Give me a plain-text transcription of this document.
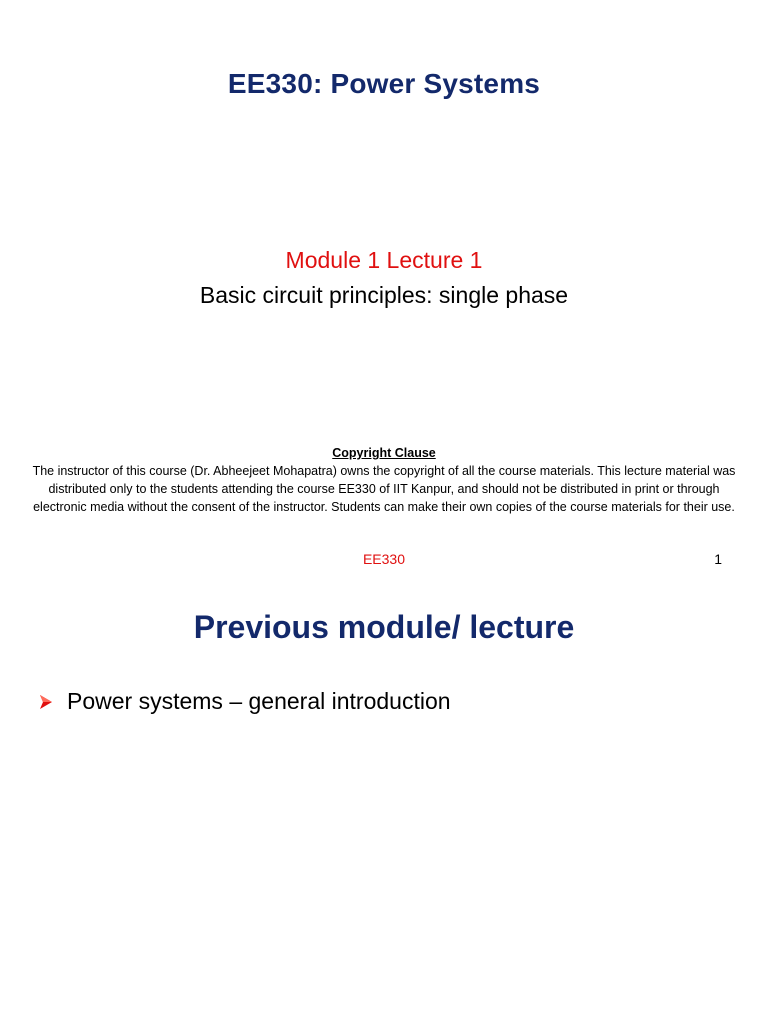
EE330: Power Systems
Module 1 Lecture 1
Basic circuit principles: single phase
Copyright Clause
The instructor of this course (Dr. Abheejeet Mohapatra) owns the copyright of all the course materials. This lecture material was distributed only to the students attending the course EE330 of IIT Kanpur, and should not be distributed in print or through electronic media without the consent of the instructor. Students can make their own copies of the course materials for their use.
EE330	1
Previous module/ lecture
Power systems – general introduction
